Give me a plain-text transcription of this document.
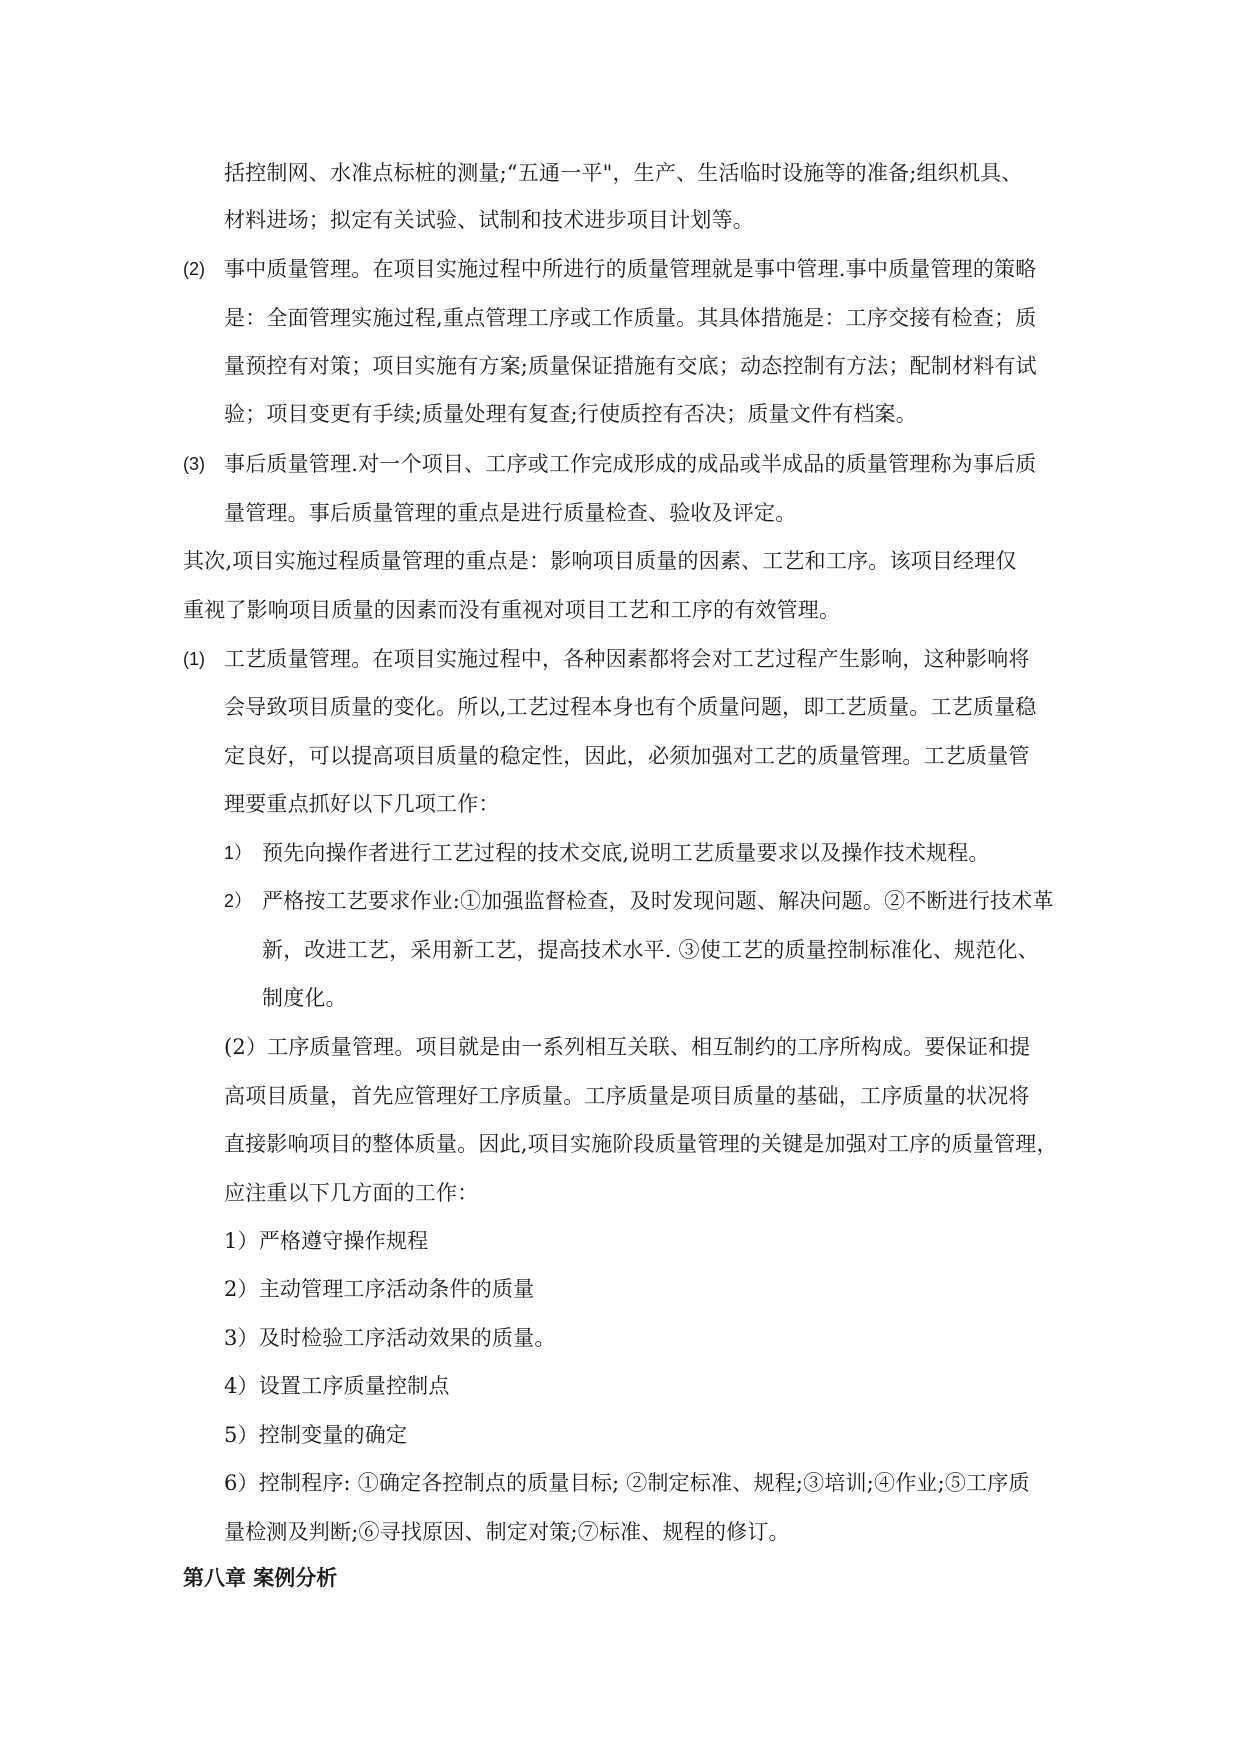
括控制网、水准点标桩的测量;“五通一平"，生产、生活临时设施等的准备;组织机具、
材料进场；拟定有关试验、试制和技术进步项目计划等。
(2) 事中质量管理。在项目实施过程中所进行的质量管理就是事中管理.事中质量管理的策略
是：全面管理实施过程,重点管理工序或工作质量。其具体措施是：工序交接有检查；质
量预控有对策；项目实施有方案;质量保证措施有交底；动态控制有方法；配制材料有试
验；项目变更有手续;质量处理有复查;行使质控有否决；质量文件有档案。
(3) 事后质量管理.对一个项目、工序或工作完成形成的成品或半成品的质量管理称为事后质
量管理。事后质量管理的重点是进行质量检查、验收及评定。
其次,项目实施过程质量管理的重点是：影响项目质量的因素、工艺和工序。该项目经理仅
重视了影响项目质量的因素而没有重视对项目工艺和工序的有效管理。
(1) 工艺质量管理。在项目实施过程中，各种因素都将会对工艺过程产生影响，这种影响将
会导致项目质量的变化。所以,工艺过程本身也有个质量问题，即工艺质量。工艺质量稳
定良好，可以提高项目质量的稳定性，因此，必须加强对工艺的质量管理。工艺质量管
理要重点抓好以下几项工作：
1） 预先向操作者进行工艺过程的技术交底,说明工艺质量要求以及操作技术规程。
2） 严格按工艺要求作业:①加强监督检查，及时发现问题、解决问题。②不断进行技术革
新，改进工艺，采用新工艺，提高技术水平. ③使工艺的质量控制标准化、规范化、
制度化。
(2）工序质量管理。项目就是由一系列相互关联、相互制约的工序所构成。要保证和提
高项目质量，首先应管理好工序质量。工序质量是项目质量的基础，工序质量的状况将
直接影响项目的整体质量。因此,项目实施阶段质量管理的关键是加强对工序的质量管理，
应注重以下几方面的工作：
1）严格遵守操作规程
2）主动管理工序活动条件的质量
3）及时检验工序活动效果的质量。
4）设置工序质量控制点
5）控制变量的确定
6）控制程序: ①确定各控制点的质量目标; ②制定标准、规程;③培训;④作业;⑤工序质
量检测及判断;⑥寻找原因、制定对策;⑦标准、规程的修订。
第八章 案例分析
